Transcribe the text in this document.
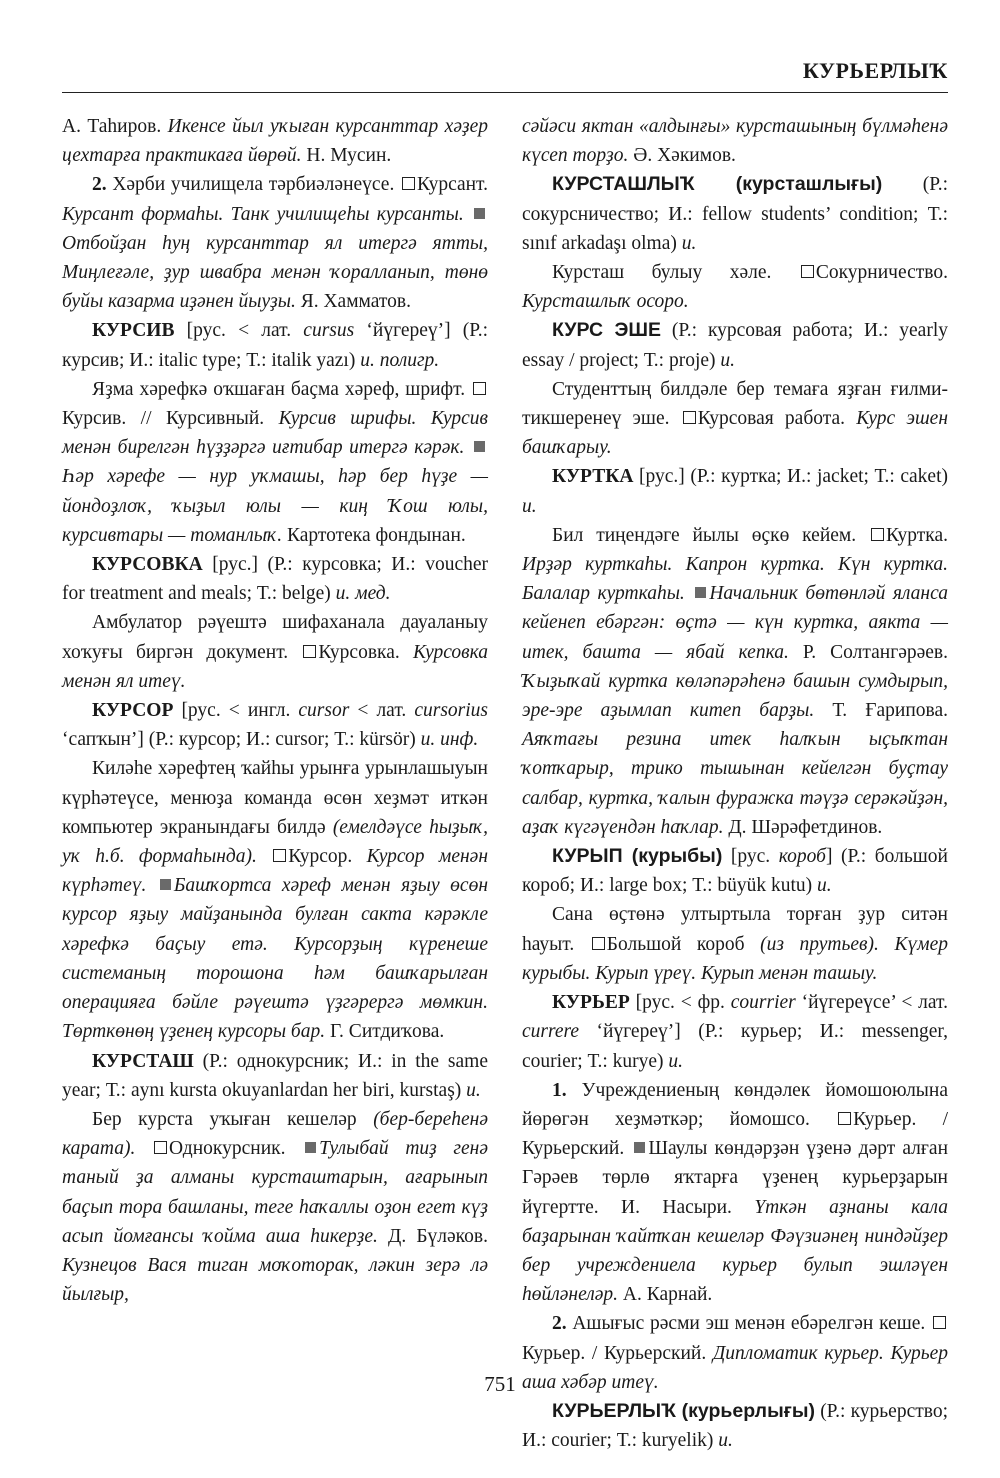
КУРЬЕРЛЫҠ

А. Таһиров. Икенсе йыл уҡыған курсанттар хәҙер цехтарға практикаға йөрөй. Н. Мусин.

2. Хәрби училищела тәрбиәләнеүсе. Курсант. Курсант формаһы. Танк училищеһы курсанты. Отбойҙан һуң курсанттар ял итергә ятты, Миңлеғәле, ҙур швабра менән ҡоралланып, төнө буйы казарма иҙәнен йыуҙы. Я. Хамматов.

КУРСИВ [рус. < лат. cursus ‘йүгереү’] (Р.: курсив; И.: italic type; Т.: italik yazı) и. полигр.

Яҙма хәрефкә оҡшаған баҫма хәреф, шрифт. Курсив. // Курсивный. Курсив шрифы. Курсив менән бирелгән һүҙҙәргә иғтибар итергә кәрәк. Һәр хәрефе — нур уҡмашы, һәр бер һүҙе — йондоҙлоҡ, ҡыҙыл юлы — киң Ҡош юлы, курсивтары — томанлыҡ. Картотека фондынан.

КУРСОВКА [рус.] (Р.: курсовка; И.: voucher for treatment and meals; Т.: belge) и. мед.

Амбулатор рәүештә шифаханала дауаланыу хоҡуғы биргән документ. Курсовка. Курсовка менән ял итеү.

КУРСОР [рус. < ингл. cursor < лат. cursorius ‘сапҡын’] (Р.: курсор; И.: cursor; Т.: kürsör) и. инф.

Киләһе хәрефтең ҡайһы урынға урынлашыуын күрһәтеүсе, менюҙа команда өсөн хеҙмәт иткән компьютер экранындағы билдә (емелдәүсе һыҙыҡ, уҡ һ.б. формаһында). Курсор. Курсор менән күрһәтеү. Башҡортса хәреф менән яҙыу өсөн курсор яҙыу майҙанында булған сакта кәрәкле хәрефкә баҫыу етә. Курсорҙың күренеше системаның торошона һәм башҡарылған операцияға бәйле рәүештә үҙгәрергә мөмкин. Төрткөнөң үҙенең курсоры бар. Г. Ситдиҡова.

КУРСТАШ (Р.: однокурсник; И.: in the same year; Т.: aynı kursta okuyanlardan her biri, kurstaş) и.

Бер курста уҡыған кешеләр (бер-береһенә карата). Однокурсник. Тулыбай тиҙ генә таный ҙа алманы курсташтарын, ағарынып баҫып тора башланы, теге һаҡаллы оҙон егет күҙ асып йомғансы ҡойма аша һикерҙе. Д. Бүләков. Кузнецов Вася тиган моҡоторак, ләкин зерә лә йылғыр,

сәйәси яктан «алдынғы» курсташының бүлмәһенә күсеп торҙо. Ә. Хәкимов.

КУРСТАШЛЫҠ (курсташлығы) (Р.: сокурсничество; И.: fellow students’ condition; Т.: sınıf arkadaşı olma) и.

Курсташ булыу хәле. Сокурничество. Курсташлыҡ осоро.

КУРС ЭШЕ (Р.: курсовая работа; И.: yearly essay / project; Т.: proje) и.

Студенттың билдәле бер темаға яҙған ғилми-тикшеренеү эше. Курсовая работа. Курс эшен башҡарыу.

КУРТКА [рус.] (Р.: куртка; И.: jacket; Т.: caket) и.

Бил тиңендәге йылы өҫкө кейем. Куртка. Ирҙәр курткаһы. Капрон куртка. Күн куртка. Балалар курткаһы. Начальник бөтөнләй яланса кейенеп ебәргән: өҫтә — күн куртка, аякта — итек, башта — ябай кепка. Р. Солтангәрәев. Ҡыҙыҡай куртка көләпәрәһенә башын сумдырып, эре-эре аҙымлап китеп барҙы. Т. Ғарипова. Аяҡтағы резина итек һалҡын ыҫыҡтан ҡотҡарыр, трико тышынан кейелгән буҫтау салбар, куртка, ҡалын фуражка тәүҙә серәкәйҙән, аҙаҡ күгәүендән һаҡлар. Д. Шәрәфетдинов.

КУРЫП (курыбы) [рус. короб] (Р.: большой короб; И.: large box; Т.: büyük kutu) и.

Сана өҫтөнә ултыртыла торған ҙур ситән һауыт. Большой короб (из прутьев). Күмер курыбы. Курып үреү. Курып менән ташыу.

КУРЬЕР [рус. < фр. courrier ‘йүгереүсе’ < лат. currere ‘йүгереү’] (Р.: курьер; И.: messenger, courier; Т.: kurye) и.

1. Учреждениеның көндәлек йомошоюлына йөрөгән хеҙмәткәр; йомошсо. Курьер. / Курьерский. Шаулы көндәрҙән үҙенә дәрт алған Гәрәев төрлө яҡтарға үҙенең курьерҙарын йүгертте. И. Насыри. Үткән аҙнаны кала баҙарынан ҡайтҡан кешеләр Фәүзиәнең ниндәйҙер бер учреждениела курьер булып эшләүен һөйләнеләр. А. Карнай.

2. Ашығыс рәсми эш менән ебәрелгән кеше. Курьер. / Курьерский. Дипломатик курьер. Курьер аша хәбәр итеү.

КУРЬЕРЛЫҠ (курьерлығы) (Р.: курьерство; И.: courier; Т.: kuryelik) и.

751
